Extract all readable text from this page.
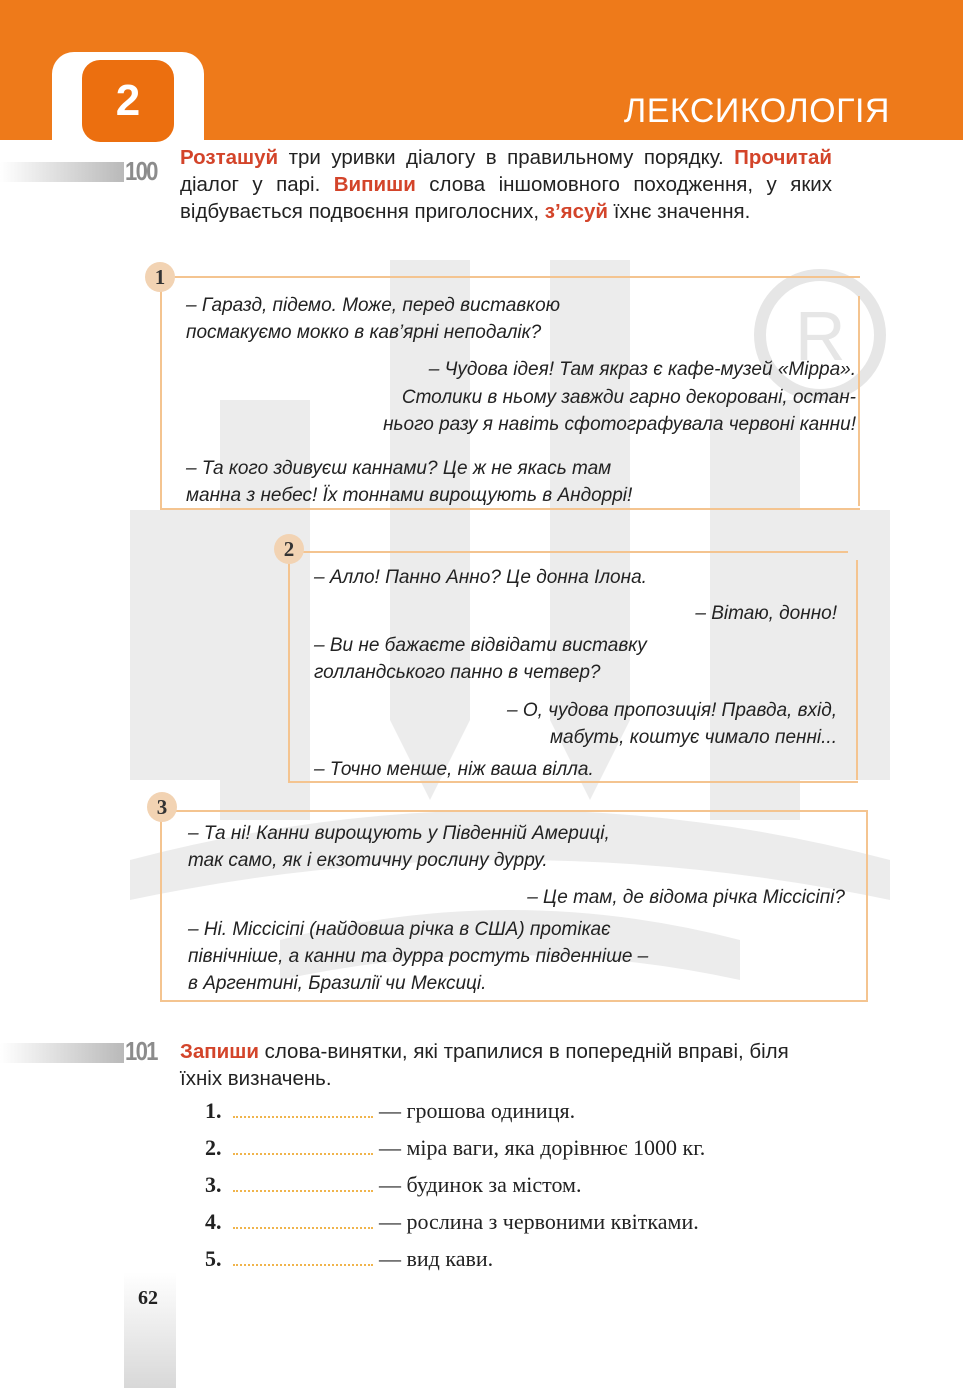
2	ЛЕКСИКОЛОГІЯ
R
100 Розташуй три уривки діалогу в правильному порядку. Прочитай діалог у парі. Випиши слова іншомовного походження, у яких відбувається подвоєння приголосних, з’ясуй їхнє значення.
1
– Гаразд, підемо. Може, перед виставкою
посмакуємо мокко в кав’ярні неподалік?
– Чудова ідея! Там якраз є кафе-музей «Мірра».
Столики в ньому завжди гарно декоровані, остан-
нього разу я навіть сфотографувала червоні канни!
– Та кого здивуєш каннами? Це ж не якась там
манна з небес! Їх тоннами вирощують в Андоррі!
2
– Алло! Панно Анно? Це донна Ілона.
– Вітаю, донно!
– Ви не бажаєте відвідати виставку
голландського панно в четвер?
– О, чудова пропозиція! Правда, вхід,
мабуть, коштує чимало пенні...
– Точно менше, ніж ваша вілла.
3
– Та ні! Канни вирощують у Південній Америці,
так само, як і екзотичну рослину дурру.
– Це там, де відома річка Міссісіпі?
– Ні. Міссісіпі (найдовша річка в США) протікає
північніше, а канни та дурра ростуть південніше –
в Аргентині, Бразилії чи Мексиці.
101 Запиши слова-винятки, які трапилися в попередній вправі, біля їхніх визначень.
1.	— грошова одиниця.
2.	— міра ваги, яка дорівнює 1000 кг.
3.	— будинок за містом.
4.	— рослина з червоними квітками.
5.	— вид кави.
62
